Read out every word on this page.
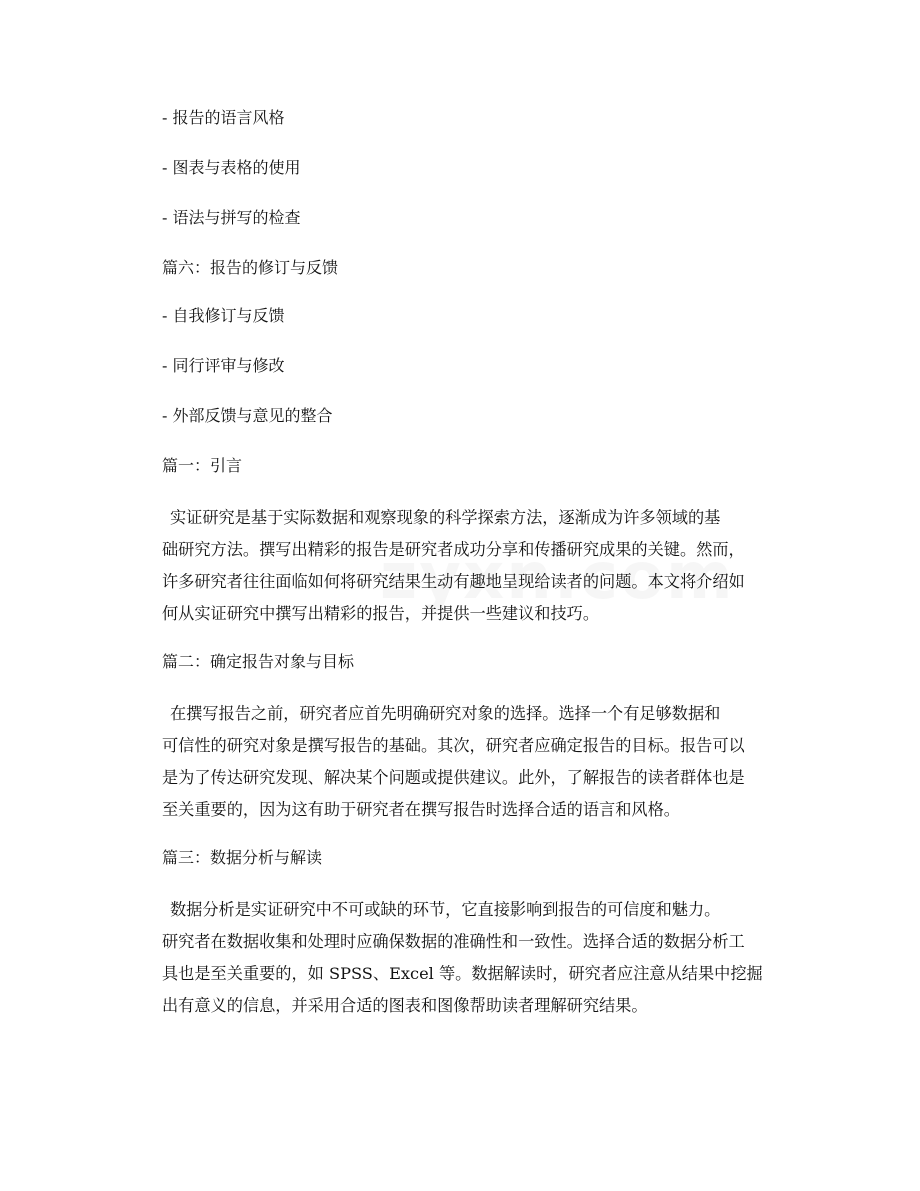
- 报告的语言风格
- 图表与表格的使用
- 语法与拼写的检查
篇六：报告的修订与反馈
- 自我修订与反馈
- 同行评审与修改
- 外部反馈与意见的整合
篇一：引言
实证研究是基于实际数据和观察现象的科学探索方法，逐渐成为许多领域的基
础研究方法。撰写出精彩的报告是研究者成功分享和传播研究成果的关键。然而，
许多研究者往往面临如何将研究结果生动有趣地呈现给读者的问题。本文将介绍如
何从实证研究中撰写出精彩的报告，并提供一些建议和技巧。
篇二：确定报告对象与目标
在撰写报告之前，研究者应首先明确研究对象的选择。选择一个有足够数据和
可信性的研究对象是撰写报告的基础。其次，研究者应确定报告的目标。报告可以
是为了传达研究发现、解决某个问题或提供建议。此外，了解报告的读者群体也是
至关重要的，因为这有助于研究者在撰写报告时选择合适的语言和风格。
篇三：数据分析与解读
数据分析是实证研究中不可或缺的环节，它直接影响到报告的可信度和魅力。
研究者在数据收集和处理时应确保数据的准确性和一致性。选择合适的数据分析工
具也是至关重要的，如 SPSS、Excel 等。数据解读时，研究者应注意从结果中挖掘
出有意义的信息，并采用合适的图表和图像帮助读者理解研究结果。
